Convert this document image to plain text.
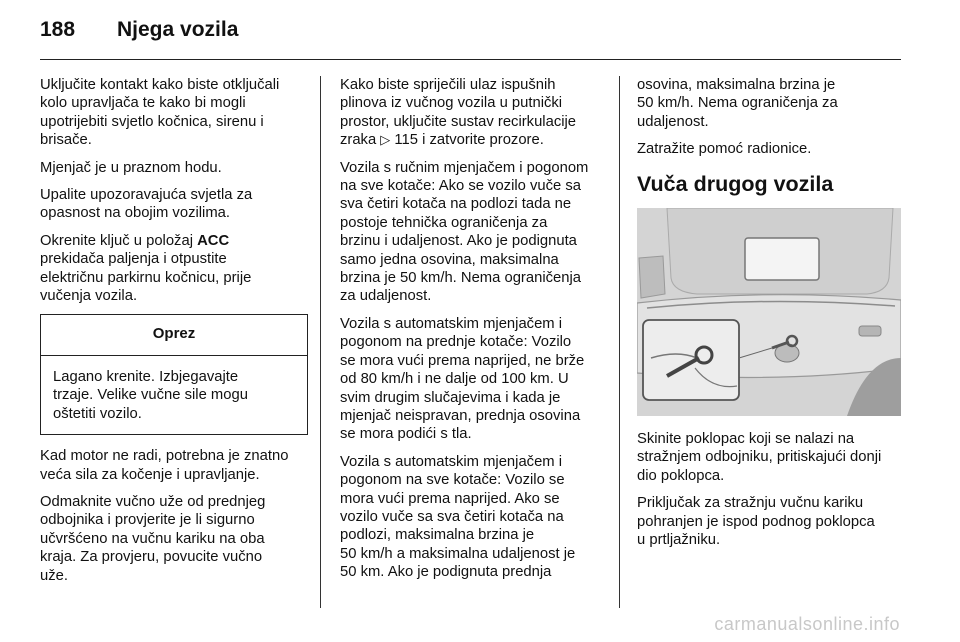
188 Njega vozila

Uključite kontakt kako biste otključali
kolo upravljača te kako bi mogli
upotrijebiti svjetlo kočnica, sirenu i
brisače.

Mjenjač je u praznom hodu.

Upalite upozoravajuća svjetla za
opasnost na obojim vozilima.

Okrenite ključ u položaj ACC
prekidača paljenja i otpustite
električnu parkirnu kočnicu, prije
vučenja vozila.

Oprez
Lagano krenite. Izbjegavajte
trzaje. Velike vučne sile mogu
oštetiti vozilo.

Kad motor ne radi, potrebna je znatno
veća sila za kočenje i upravljanje.

Odmaknite vučno uže od prednjeg
odbojnika i provjerite je li sigurno
učvršćeno na vučnu kariku na oba
kraja. Za provjeru, povucite vučno
uže.

Kako biste spriječili ulaz ispušnih
plinova iz vučnog vozila u putnički
prostor, uključite sustav recirkulacije
zraka ▷ 115 i zatvorite prozore.

Vozila s ručnim mjenjačem i pogonom
na sve kotače: Ako se vozilo vuče sa
sva četiri kotača na podlozi tada ne
postoje tehnička ograničenja za
brzinu i udaljenost. Ako je podignuta
samo jedna osovina, maksimalna
brzina je 50 km/h. Nema ograničenja
za udaljenost.

Vozila s automatskim mjenjačem i
pogonom na prednje kotače: Vozilo
se mora vući prema naprijed, ne brže
od 80 km/h i ne dalje od 100 km. U
svim drugim slučajevima i kada je
mjenjač neispravan, prednja osovina
se mora podići s tla.

Vozila s automatskim mjenjačem i
pogonom na sve kotače: Vozilo se
mora vući prema naprijed. Ako se
vozilo vuče sa sva četiri kotača na
podlozi, maksimalna brzina je
50 km/h a maksimalna udaljenost je
50 km. Ako je podignuta prednja

osovina, maksimalna brzina je
50 km/h. Nema ograničenja za
udaljenost.

Zatražite pomoć radionice.

Vuča drugog vozila

Skinite poklopac koji se nalazi na
stražnjem odbojniku, pritiskajući donji
dio poklopca.

Priključak za stražnju vučnu kariku
pohranjen je ispod podnog poklopca
u prtljažniku.

carmanualsonline.info
